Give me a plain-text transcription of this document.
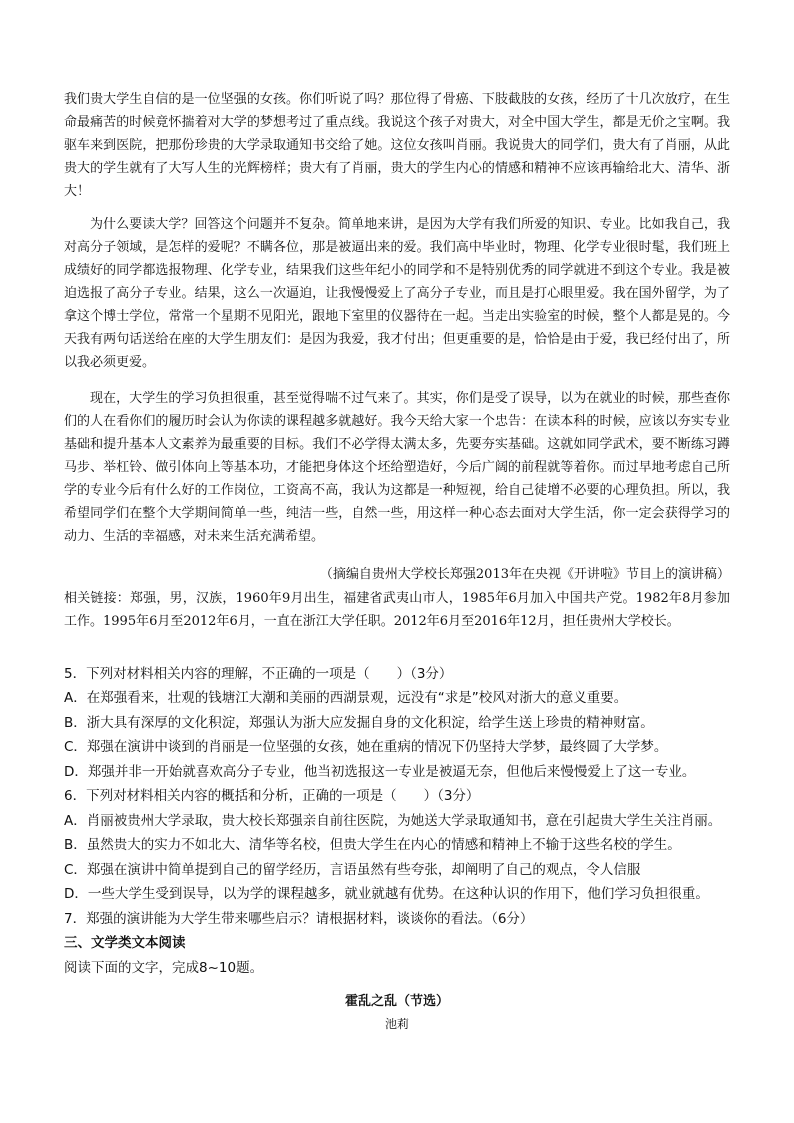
我们贵大学生自信的是一位坚强的女孩。你们听说了吗？那位得了骨癌、下肢截肢的女孩，经历了十几次放疗，在生命最痛苦的时候竟怀揣着对大学的梦想考过了重点线。我说这个孩子对贵大，对全中国大学生，都是无价之宝啊。我驱车来到医院，把那份珍贵的大学录取通知书交给了她。这位女孩叫肖丽。我说贵大的同学们，贵大有了肖丽，从此贵大的学生就有了大写人生的光辉榜样；贵大有了肖丽，贵大的学生内心的情感和精神不应该再输给北大、清华、浙大！

为什么要读大学？回答这个问题并不复杂。简单地来讲，是因为大学有我们所爱的知识、专业。比如我自己，我对高分子领域，是怎样的爱呢？不瞒各位，那是被逼出来的爱。我们高中毕业时，物理、化学专业很时髦，我们班上成绩好的同学都选报物理、化学专业，结果我们这些年纪小的同学和不是特别优秀的同学就进不到这个专业。我是被迫选报了高分子专业。结果，这么一次逼迫，让我慢慢爱上了高分子专业，而且是打心眼里爱。我在国外留学，为了拿这个博士学位，常常一个星期不见阳光，跟地下室里的仪器待在一起。当走出实验室的时候，整个人都是晃的。今天我有两句话送给在座的大学生朋友们：是因为我爱，我才付出；但更重要的是，恰恰是由于爱，我已经付出了，所以我必须更爱。

现在，大学生的学习负担很重，甚至觉得喘不过气来了。其实，你们是受了误导，以为在就业的时候，那些查你们的人在看你们的履历时会认为你读的课程越多就越好。我今天给大家一个忠告：在读本科的时候，应该以夯实专业基础和提升基本人文素养为最重要的目标。我们不必学得太满太多，先要夯实基础。这就如同学武术，要不断练习蹲马步、举杠铃、做引体向上等基本功，才能把身体这个坯给塑造好，今后广阔的前程就等着你。而过早地考虑自己所学的专业今后有什么好的工作岗位，工资高不高，我认为这都是一种短视，给自己徒增不必要的心理负担。所以，我希望同学们在整个大学期间简单一些，纯洁一些，自然一些，用这样一种心态去面对大学生活，你一定会获得学习的动力、生活的幸福感，对未来生活充满希望。

（摘编自贵州大学校长郑强2013年在央视《开讲啦》节目上的演讲稿）

相关链接：郑强，男，汉族，1960年9月出生，福建省武夷山市人，1985年6月加入中国共产党。1982年8月参加工作。1995年6月至2012年6月，一直在浙江大学任职。2012年6月至2016年12月，担任贵州大学校长。

5．下列对材料相关内容的理解，不正确的一项是（　　）（3分）

A．在郑强看来，壮观的钱塘江大潮和美丽的西湖景观，远没有“求是”校风对浙大的意义重要。

B．浙大具有深厚的文化积淀，郑强认为浙大应发掘自身的文化积淀，给学生送上珍贵的精神财富。

C．郑强在演讲中谈到的肖丽是一位坚强的女孩，她在重病的情况下仍坚持大学梦，最终圆了大学梦。

D．郑强并非一开始就喜欢高分子专业，他当初选报这一专业是被逼无奈，但他后来慢慢爱上了这一专业。

6．下列对材料相关内容的概括和分析，正确的一项是（　　）（3分）

A．肖丽被贵州大学录取，贵大校长郑强亲自前往医院，为她送大学录取通知书，意在引起贵大学生关注肖丽。

B．虽然贵大的实力不如北大、清华等名校，但贵大学生在内心的情感和精神上不输于这些名校的学生。

C．郑强在演讲中简单提到自己的留学经历，言语虽然有些夸张，却阐明了自己的观点，令人信服

D．一些大学生受到误导，以为学的课程越多，就业就越有优势。在这种认识的作用下，他们学习负担很重。

7．郑强的演讲能为大学生带来哪些启示？请根据材料，谈谈你的看法。（6分）

三、文学类文本阅读

阅读下面的文字，完成8~10题。

霍乱之乱（节选）
池莉
